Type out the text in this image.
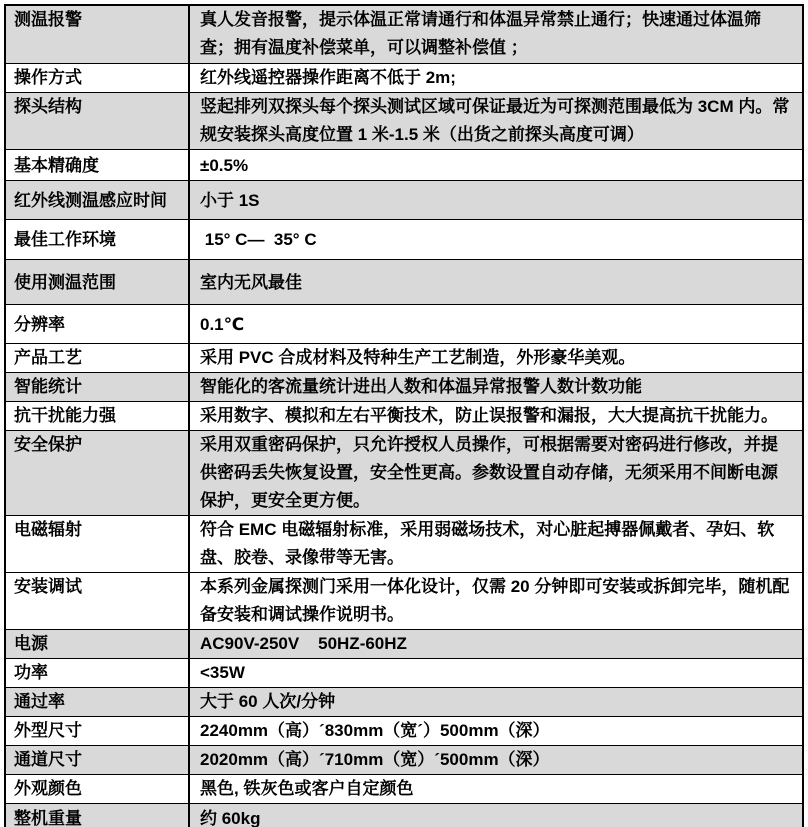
测温报警	真人发音报警，提示体温正常请通行和体温异常禁止通行；快速通过体温筛查；拥有温度补偿菜单，可以调整补偿值 ；
操作方式	红外线遥控器操作距离不低于 2m;
探头结构	竖起排列双探头每个探头测试区域可保证最近为可探测范围最低为 3CM 内。常规安装探头高度位置 1 米-1.5 米（出货之前探头高度可调）
基本精确度	±0.5%
红外线测温感应时间	小于 1S
最佳工作环境	15° C—  35° C
使用测温范围	室内无风最佳
分辨率	0.1℃
产品工艺	采用 PVC 合成材料及特种生产工艺制造，外形豪华美观。
智能统计	智能化的客流量统计进出人数和体温异常报警人数计数功能
抗干扰能力强	采用数字、模拟和左右平衡技术，防止误报警和漏报，大大提高抗干扰能力。
安全保护	采用双重密码保护，只允许授权人员操作，可根据需要对密码进行修改，并提供密码丢失恢复设置，安全性更高。参数设置自动存储，无须采用不间断电源保护，更安全更方便。
电磁辐射	符合 EMC 电磁辐射标准，采用弱磁场技术，对心脏起搏器佩戴者、孕妇、软盘、胶卷、录像带等无害。
安装调试	本系列金属探测门采用一体化设计，仅需 20 分钟即可安装或拆卸完毕，随机配备安装和调试操作说明书。
电源	AC90V-250V    50HZ-60HZ
功率	<35W
通过率	大于 60 人次/分钟
外型尺寸	2240mm（高）´830mm（宽´）500mm（深）
通道尺寸	2020mm（高）´710mm（宽）´500mm（深）
外观颜色	黑色, 铁灰色或客户自定颜色
整机重量	约 60kg
